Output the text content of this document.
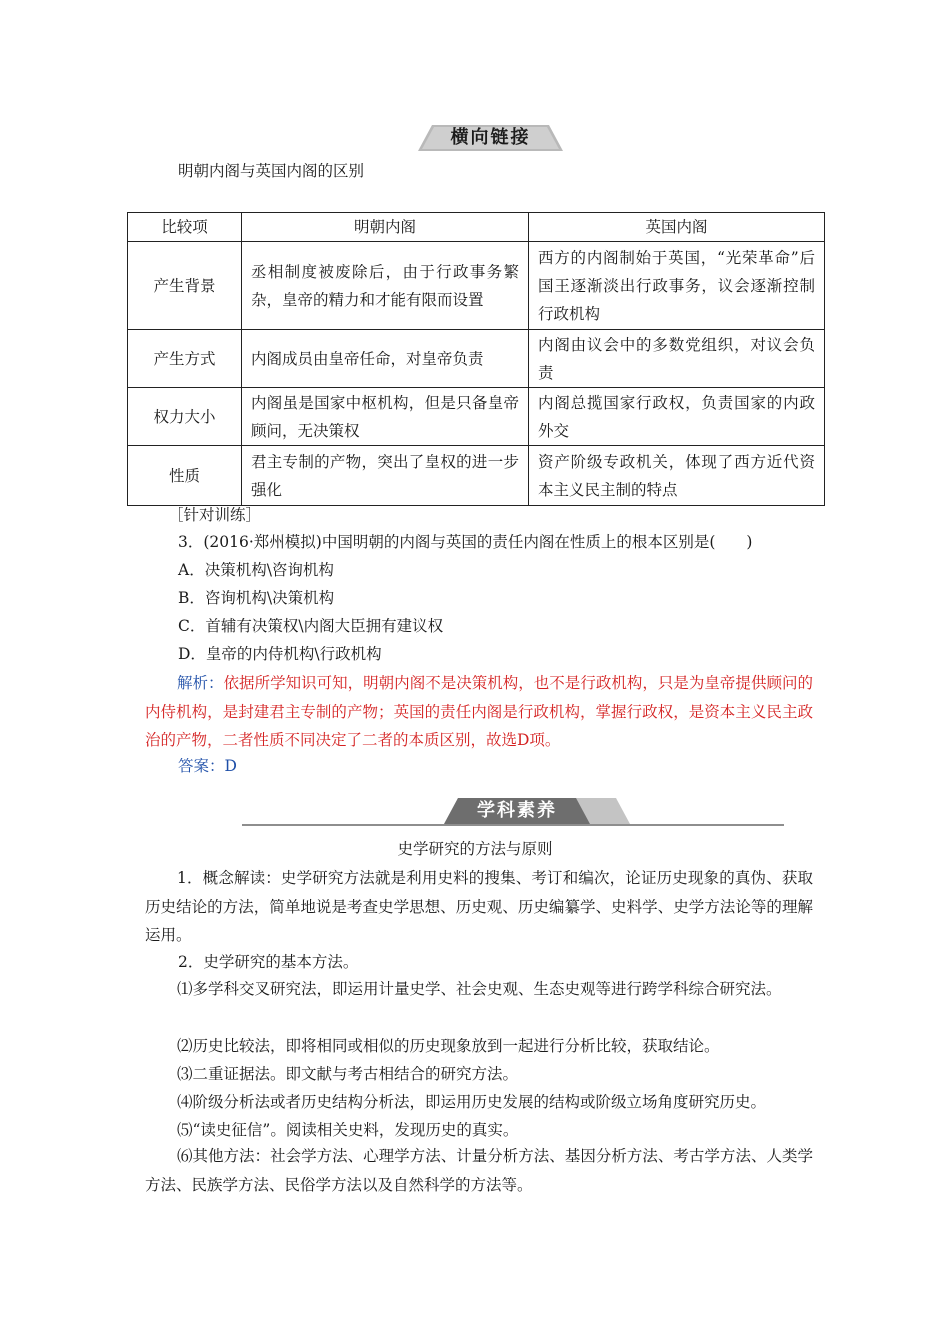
横向链接
明朝内阁与英国内阁的区别
比较项	明朝内阁	英国内阁
产生背景	丞相制度被废除后，由于行政事务繁杂，皇帝的精力和才能有限而设置	西方的内阁制始于英国，“光荣革命”后国王逐渐淡出行政事务，议会逐渐控制行政机构
产生方式	内阁成员由皇帝任命，对皇帝负责	内阁由议会中的多数党组织，对议会负责
权力大小	内阁虽是国家中枢机构，但是只备皇帝顾问，无决策权	内阁总揽国家行政权，负责国家的内政外交
性质	君主专制的产物，突出了皇权的进一步强化	资产阶级专政机关，体现了西方近代资本主义民主制的特点
［针对训练］
3．(2016·郑州模拟)中国明朝的内阁与英国的责任内阁在性质上的根本区别是(　　)
A．决策机构\咨询机构
B．咨询机构\决策机构
C．首辅有决策权\内阁大臣拥有建议权
D．皇帝的内侍机构\行政机构
解析：依据所学知识可知，明朝内阁不是决策机构，也不是行政机构，只是为皇帝提供顾问的内侍机构，是封建君主专制的产物；英国的责任内阁是行政机构，掌握行政权，是资本主义民主政治的产物，二者性质不同决定了二者的本质区别，故选D项。
答案：D
学科素养
史学研究的方法与原则
1．概念解读：史学研究方法就是利用史料的搜集、考订和编次，论证历史现象的真伪、获取历史结论的方法，简单地说是考查史学思想、历史观、历史编纂学、史料学、史学方法论等的理解运用。
2．史学研究的基本方法。
⑴多学科交叉研究法，即运用计量史学、社会史观、生态史观等进行跨学科综合研究法。
⑵历史比较法，即将相同或相似的历史现象放到一起进行分析比较，获取结论。
⑶二重证据法。即文献与考古相结合的研究方法。
⑷阶级分析法或者历史结构分析法，即运用历史发展的结构或阶级立场角度研究历史。
⑸“读史征信”。阅读相关史料，发现历史的真实。
⑹其他方法：社会学方法、心理学方法、计量分析方法、基因分析方法、考古学方法、人类学方法、民族学方法、民俗学方法以及自然科学的方法等。
